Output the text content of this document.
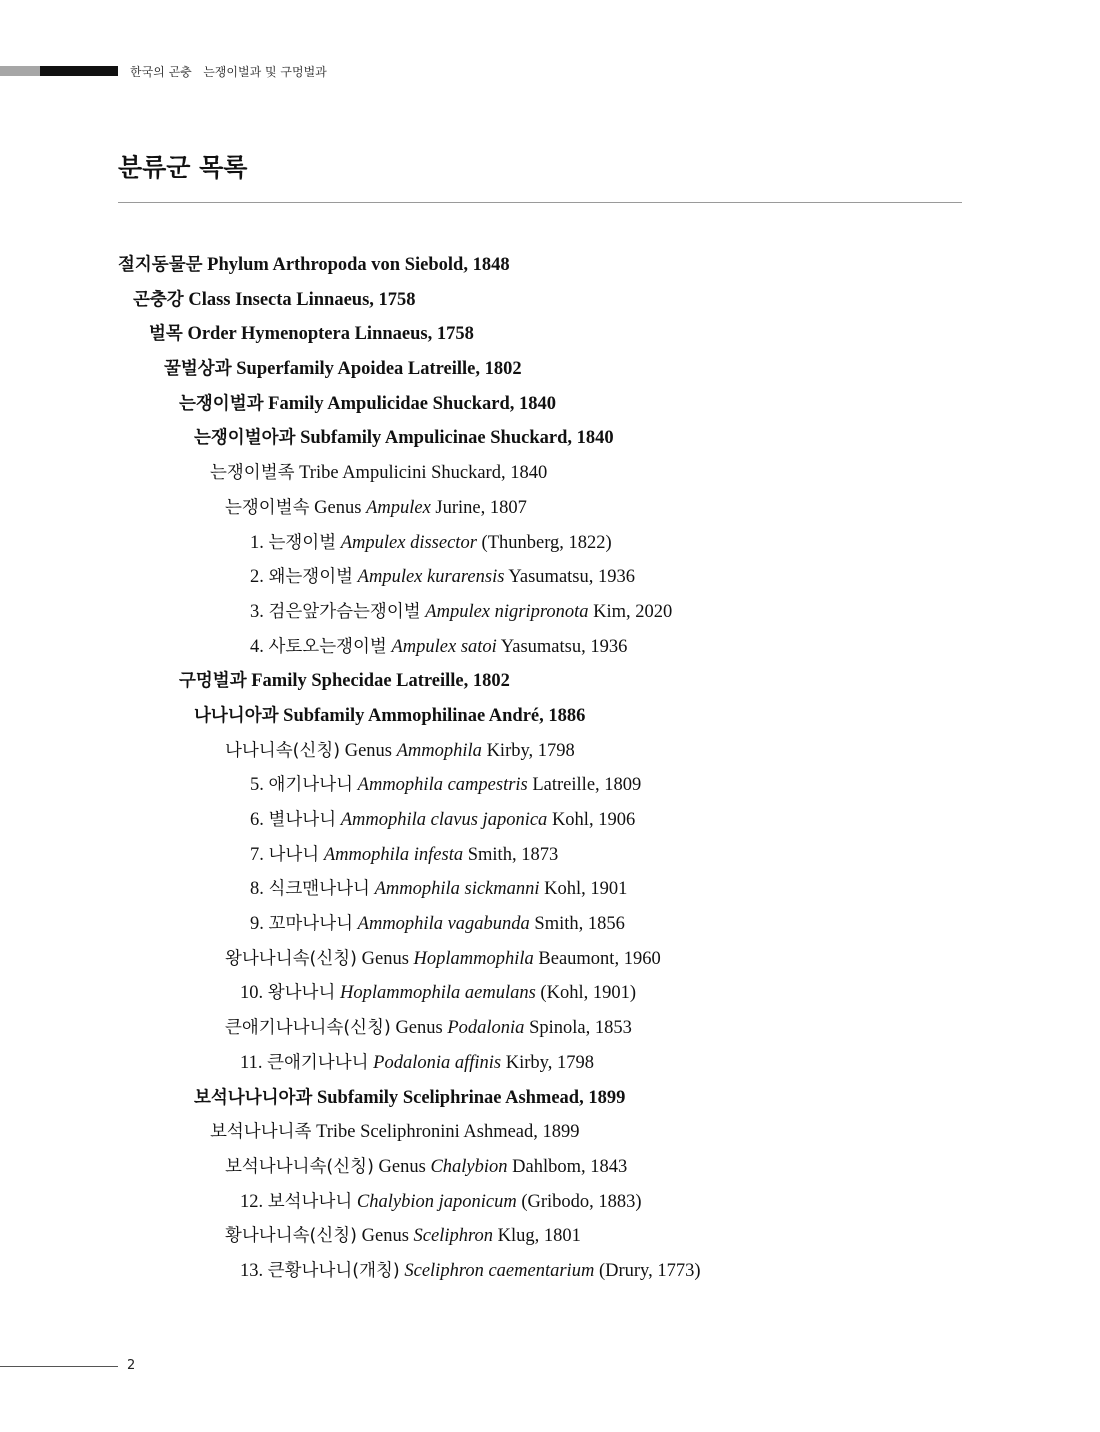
한국의 곤충   는쟁이벌과 및 구멍벌과
분류군 목록
절지동물문 Phylum Arthropoda von Siebold, 1848
곤충강 Class Insecta Linnaeus, 1758
벌목 Order Hymenoptera Linnaeus, 1758
꿀벌상과 Superfamily Apoidea Latreille, 1802
는쟁이벌과 Family Ampulicidae Shuckard, 1840
는쟁이벌아과 Subfamily Ampulicinae Shuckard, 1840
는쟁이벌족 Tribe Ampulicini Shuckard, 1840
는쟁이벌속 Genus Ampulex Jurine, 1807
1. 는쟁이벌 Ampulex dissector (Thunberg, 1822)
2. 왜는쟁이벌 Ampulex kurarensis Yasumatsu, 1936
3. 검은앞가슴는쟁이벌 Ampulex nigripronota Kim, 2020
4. 사토오는쟁이벌 Ampulex satoi Yasumatsu, 1936
구멍벌과 Family Sphecidae Latreille, 1802
나나니아과 Subfamily Ammophilinae André, 1886
나나니속(신칭) Genus Ammophila Kirby, 1798
5. 애기나나니 Ammophila campestris Latreille, 1809
6. 별나나니 Ammophila clavus japonica Kohl, 1906
7. 나나니 Ammophila infesta Smith, 1873
8. 식크맨나나니 Ammophila sickmanni Kohl, 1901
9. 꼬마나나니 Ammophila vagabunda Smith, 1856
왕나나니속(신칭) Genus Hoplammophila Beaumont, 1960
10. 왕나나니 Hoplammophila aemulans (Kohl, 1901)
큰애기나나니속(신칭) Genus Podalonia Spinola, 1853
11. 큰애기나나니 Podalonia affinis Kirby, 1798
보석나나니아과 Subfamily Sceliphrinae Ashmead, 1899
보석나나니족 Tribe Sceliphronini Ashmead, 1899
보석나나니속(신칭) Genus Chalybion Dahlbom, 1843
12. 보석나나니 Chalybion japonicum (Gribodo, 1883)
황나나니속(신칭) Genus Sceliphron Klug, 1801
13. 큰황나나니(개칭) Sceliphron caementarium (Drury, 1773)
2
